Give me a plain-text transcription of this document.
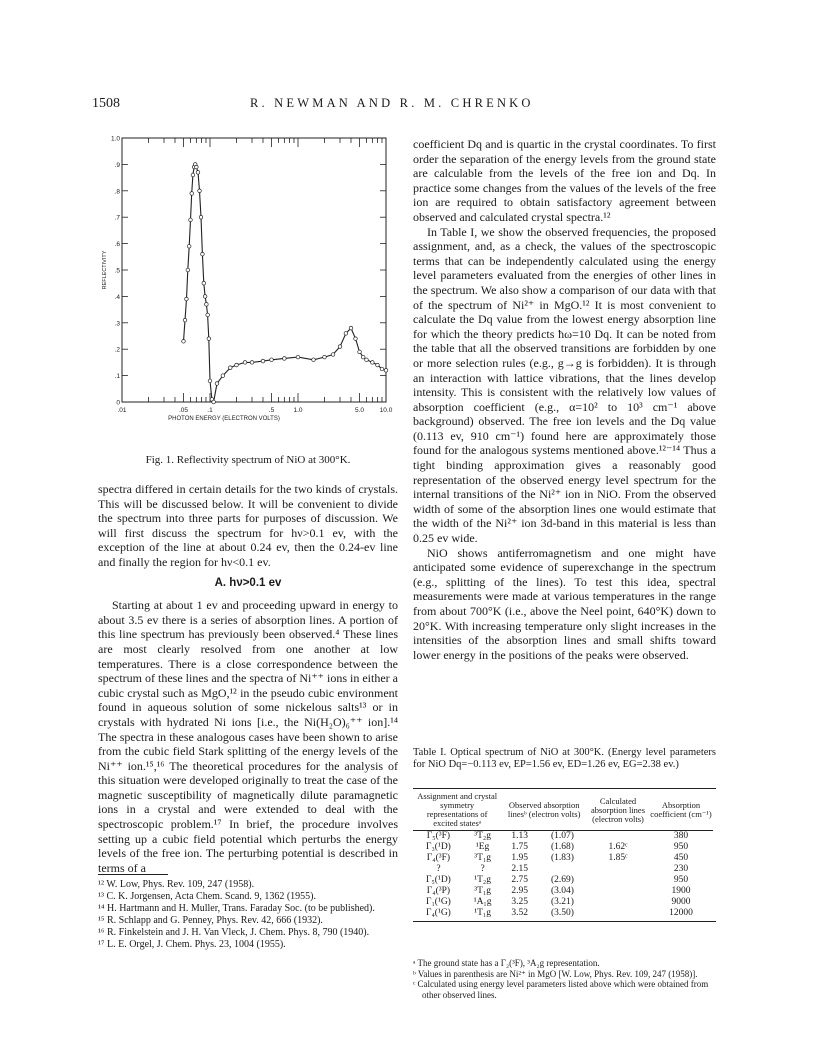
1508	R. NEWMAN AND R. M. CHRENKO
.01	.05	.1	.5	1.0	5.0 10.0
0
.1
.2
.3
.4
.5
.6
.7
.8
.9
1.0
PHOTON ENERGY (ELECTRON VOLTS)
REFLECTIVITY
Fig. 1. Reflectivity spectrum of NiO at 300°K.

spectra differed in certain details for the two kinds of crystals. This will be discussed below. It will be convenient to divide the spectrum into three parts for purposes of discussion. We will first discuss the spectrum for hν>0.1 ev, with the exception of the line at about 0.24 ev, then the 0.24-ev line and finally the region for hν<0.1 ev.

A. hν>0.1 ev

Starting at about 1 ev and proceeding upward in energy to about 3.5 ev there is a series of absorption lines. A portion of this line spectrum has previously been observed.⁴ These lines are most clearly resolved from one another at low temperatures. There is a close correspondence between the spectrum of these lines and the spectra of Ni⁺⁺ ions in either a cubic crystal such as MgO,¹² in the pseudo cubic environment found in aqueous solution of some nickelous salts¹³ or in crystals with hydrated Ni ions [i.e., the Ni(H₂O)₆⁺⁺ ion].¹⁴ The spectra in these analogous cases have been shown to arise from the cubic field Stark splitting of the energy levels of the Ni⁺⁺ ion.¹⁵,¹⁶ The theoretical procedures for the analysis of this situation were developed originally to treat the case of the magnetic susceptibility of magnetically dilute paramagnetic ions in a crystal and were extended to deal with the spectroscopic problem.¹⁷ In brief, the procedure involves setting up a cubic field potential which perturbs the energy levels of the free ion. The perturbing potential is described in terms of a

¹² W. Low, Phys. Rev. 109, 247 (1958).
¹³ C. K. Jorgensen, Acta Chem. Scand. 9, 1362 (1955).
¹⁴ H. Hartmann and H. Muller, Trans. Faraday Soc. (to be published).
¹⁵ R. Schlapp and G. Penney, Phys. Rev. 42, 666 (1932).
¹⁶ R. Finkelstein and J. H. Van Vleck, J. Chem. Phys. 8, 790 (1940).
¹⁷ L. E. Orgel, J. Chem. Phys. 23, 1004 (1955).

coefficient Dq and is quartic in the crystal coordinates. To first order the separation of the energy levels from the ground state are calculable from the levels of the free ion and Dq. In practice some changes from the values of the levels of the free ion are required to obtain satisfactory agreement between observed and calculated crystal spectra.¹²

In Table I, we show the observed frequencies, the proposed assignment, and, as a check, the values of the spectroscopic terms that can be independently calculated using the energy level parameters evaluated from the energies of other lines in the spectrum. We also show a comparison of our data with that of the spectrum of Ni²⁺ in MgO.¹² It is most convenient to calculate the Dq value from the lowest energy absorption line for which the theory predicts ħω=10 Dq. It can be noted from the table that all the observed transitions are forbidden by one or more selection rules (e.g., g→g is forbidden). It is through an interaction with lattice vibrations, that the lines develop intensity. This is consistent with the relatively low values of absorption coefficient (e.g., α=10² to 10³ cm⁻¹ above background) observed. The free ion levels and the Dq value (0.113 ev, 910 cm⁻¹) found here are approximately those found for the analogous systems mentioned above.¹²⁻¹⁴ Thus a tight binding approximation gives a reasonably good representation of the observed energy level spectrum for the internal transitions of the Ni²⁺ ion in NiO. From the observed width of some of the absorption lines one would estimate that the width of the Ni²⁺ ion 3d-band in this material is less than 0.25 ev wide.

NiO shows antiferromagnetism and one might have anticipated some evidence of superexchange in the spectrum (e.g., splitting of the lines). To test this idea, spectral measurements were made at various temperatures in the range from about 700°K (i.e., above the Neel point, 640°K) down to 20°K. With increasing temperature only slight increases in the intensities of the absorption lines and small shifts toward lower energy in the positions of the peaks were observed.

Table I. Optical spectrum of NiO at 300°K. (Energy level parameters for NiO Dq=−0.113 ev, EP=1.56 ev, ED=1.26 ev, EG=2.38 ev.)
Assignment and crystal symmetry representations of excited statesᵃ		Observed absorption linesᵇ (electron volts)		Calculated absorption lines (electron volts)	Absorption coefficient (cm⁻¹)

Γ₅(³F)	³T₂g	1.13	(1.07)		380
Γ₃(¹D)	¹Eg	1.75	(1.68)	1.62ᶜ	950
Γ₄(³F)	³T₁g	1.95	(1.83)	1.85ᶜ	450
?	?	2.15			230
Γ₅(¹D)	¹T₂g	2.75	(2.69)		950
Γ₄(³P)	³T₁g	2.95	(3.04)		1900
Γ₁(¹G)	¹A₁g	3.25	(3.21)		9000
Γ₄(¹G)	¹T₁g	3.52	(3.50)		12000
ᵃ The ground state has a Γ₂(³F), ³A₂g representation.
ᵇ Values in parenthesis are Ni²⁺ in MgO [W. Low, Phys. Rev. 109, 247 (1958)].
ᶜ Calculated using energy level parameters listed above which were obtained from other observed lines.
